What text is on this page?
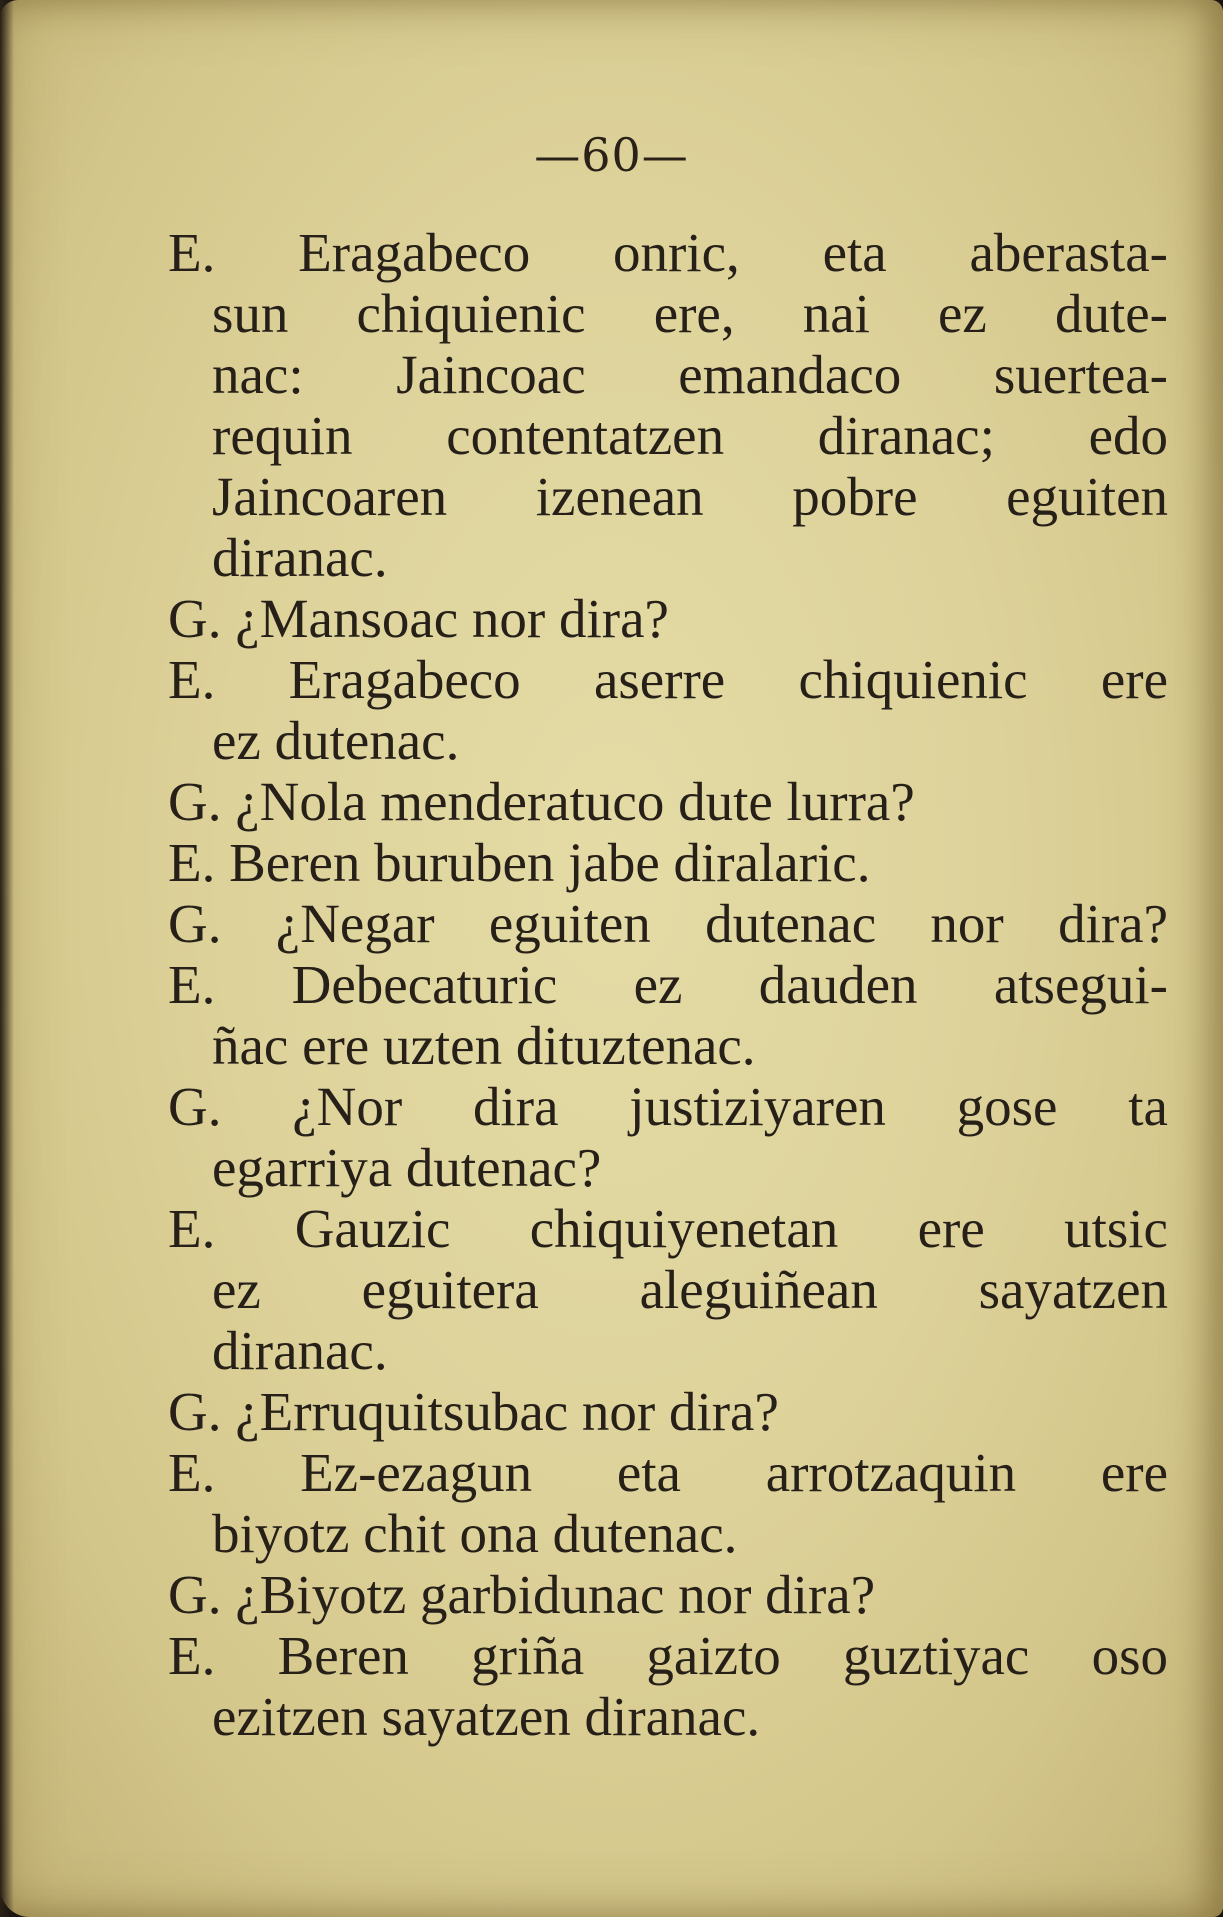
—60—
E. Eragabeco onric, eta aberasta-
sun chiquienic ere, nai ez dute-
nac: Jaincoac emandaco suertea-
requin contentatzen diranac; edo
Jaincoaren izenean pobre eguiten
diranac.
G. ¿Mansoac nor dira?
E. Eragabeco aserre chiquienic ere
ez dutenac.
G. ¿Nola menderatuco dute lurra?
E. Beren buruben jabe diralaric.
G. ¿Negar eguiten dutenac nor dira?
E. Debecaturic ez dauden atsegui-
ñac ere uzten dituztenac.
G. ¿Nor dira justiziyaren gose ta
egarriya dutenac?
E. Gauzic chiquiyenetan ere utsic
ez eguitera aleguiñean sayatzen
diranac.
G. ¿Erruquitsubac nor dira?
E. Ez-ezagun eta arrotzaquin ere
biyotz chit ona dutenac.
G. ¿Biyotz garbidunac nor dira?
E. Beren griña gaizto guztiyac oso
ezitzen sayatzen diranac.
